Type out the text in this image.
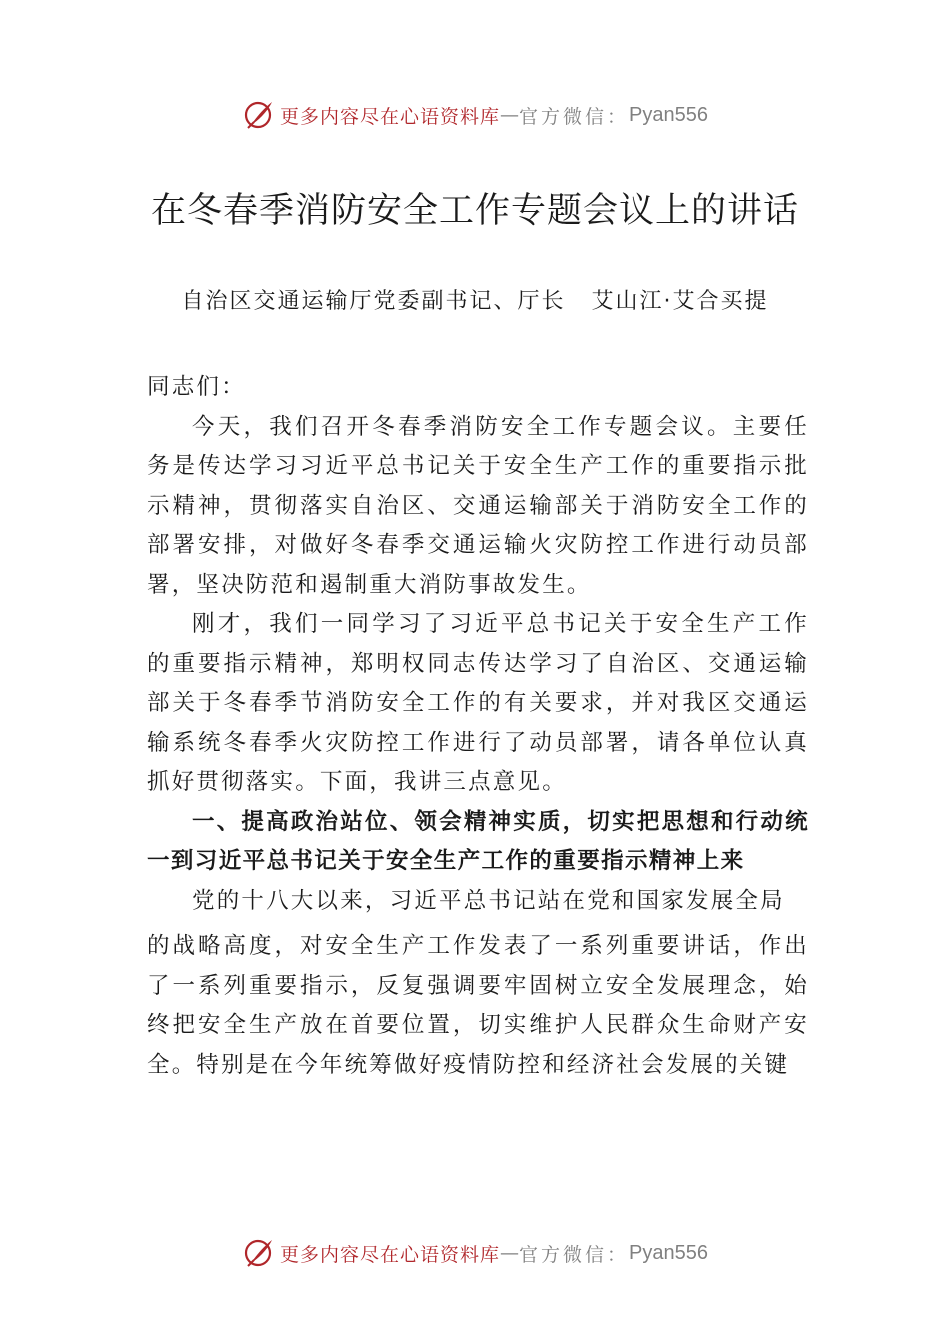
更多内容尽在心语资料库 — 官方微信： Pyan556
在冬春季消防安全工作专题会议上的讲话
自治区交通运输厅党委副书记、厅长 艾山江·艾合买提

同志们：

今天，我们召开冬春季消防安全工作专题会议。主要任务是传达学习习近平总书记关于安全生产工作的重要指示批示精神，贯彻落实自治区、交通运输部关于消防安全工作的部署安排，对做好冬春季交通运输火灾防控工作进行动员部署，坚决防范和遏制重大消防事故发生。

刚才，我们一同学习了习近平总书记关于安全生产工作的重要指示精神，郑明权同志传达学习了自治区、交通运输部关于冬春季节消防安全工作的有关要求，并对我区交通运输系统冬春季火灾防控工作进行了动员部署，请各单位认真抓好贯彻落实。下面，我讲三点意见。

一、提高政治站位、领会精神实质，切实把思想和行动统一到习近平总书记关于安全生产工作的重要指示精神上来

党的十八大以来，习近平总书记站在党和国家发展全局

的战略高度，对安全生产工作发表了一系列重要讲话，作出了一系列重要指示，反复强调要牢固树立安全发展理念，始终把安全生产放在首要位置，切实维护人民群众生命财产安全。特别是在今年统筹做好疫情防控和经济社会发展的关键

更多内容尽在心语资料库 — 官方微信： Pyan556
